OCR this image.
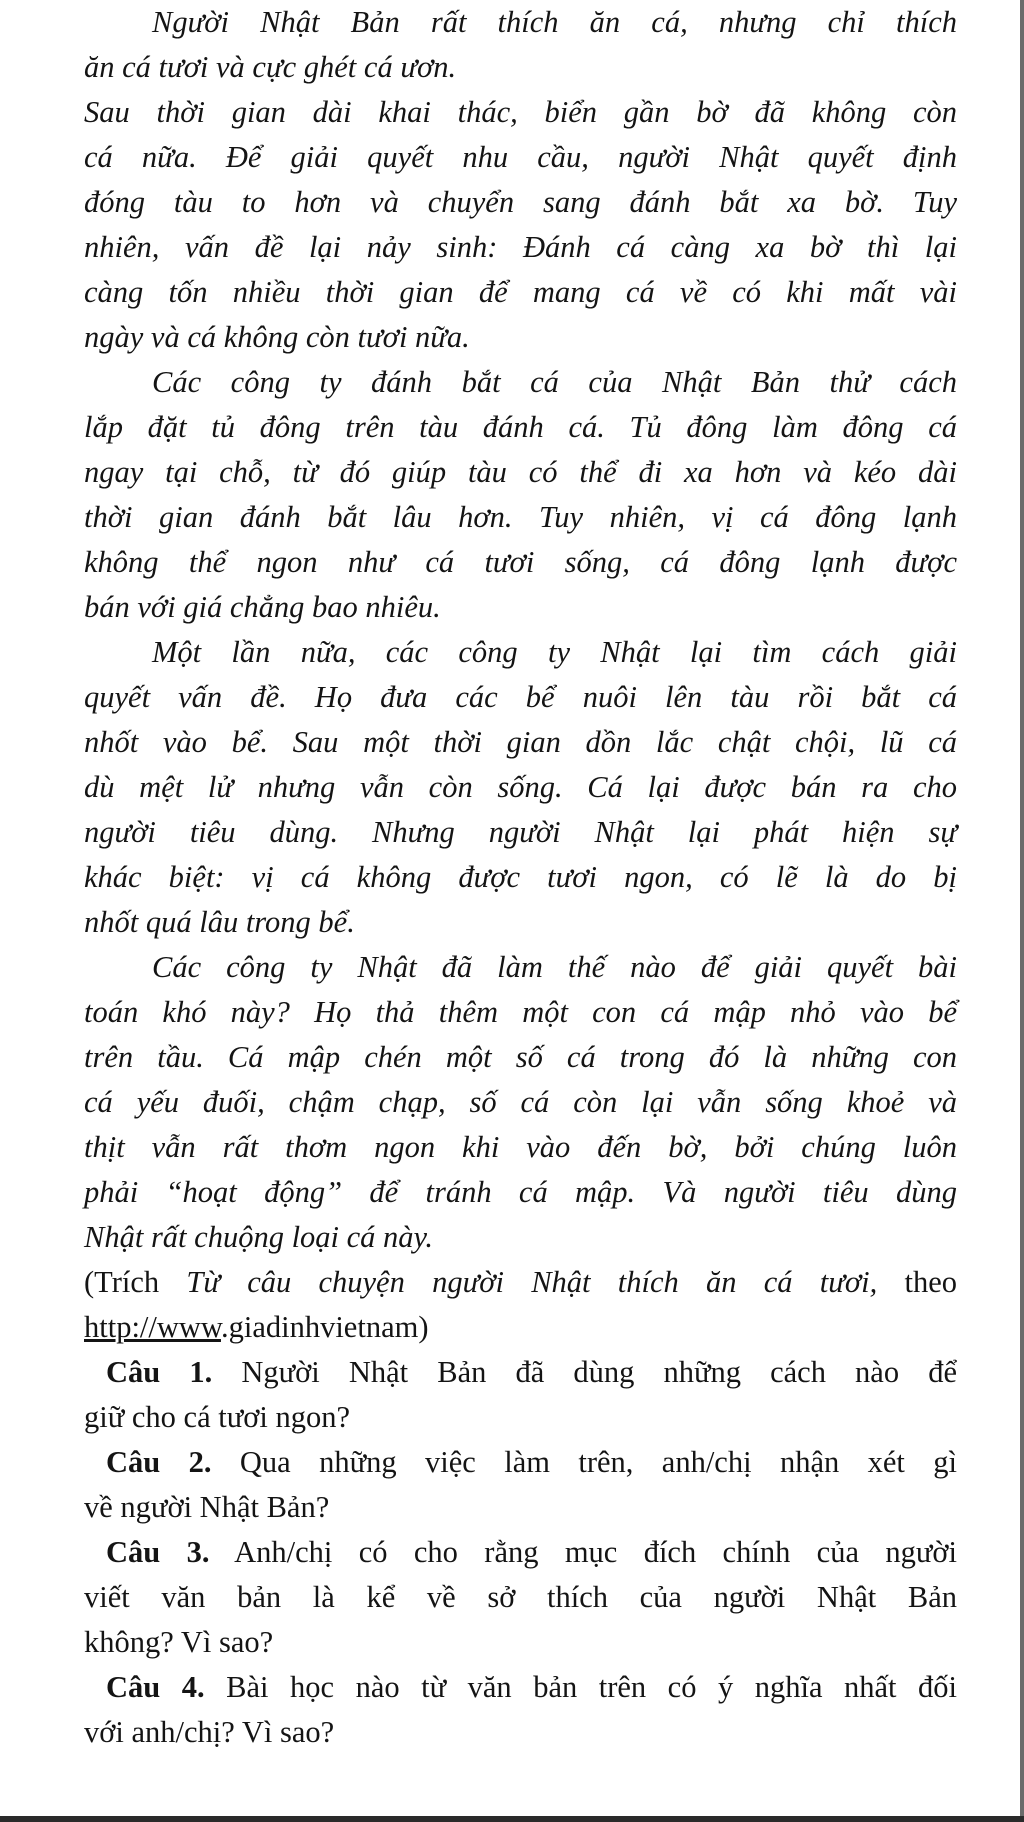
Người Nhật Bản rất thích ăn cá, nhưng chỉ thích
ăn cá tươi và cực ghét cá ươn.

Sau thời gian dài khai thác, biển gần bờ đã không còn
cá nữa. Để giải quyết nhu cầu, người Nhật quyết định
đóng tàu to hơn và chuyển sang đánh bắt xa bờ. Tuy
nhiên, vấn đề lại nảy sinh: Đánh cá càng xa bờ thì lại
càng tốn nhiều thời gian để mang cá về có khi mất vài
ngày và cá không còn tươi nữa.

Các công ty đánh bắt cá của Nhật Bản thử cách
lắp đặt tủ đông trên tàu đánh cá. Tủ đông làm đông cá
ngay tại chỗ, từ đó giúp tàu có thể đi xa hơn và kéo dài
thời gian đánh bắt lâu hơn. Tuy nhiên, vị cá đông lạnh
không thể ngon như cá tươi sống, cá đông lạnh được
bán với giá chẳng bao nhiêu.

Một lần nữa, các công ty Nhật lại tìm cách giải
quyết vấn đề. Họ đưa các bể nuôi lên tàu rồi bắt cá
nhốt vào bể. Sau một thời gian dồn lắc chật chội, lũ cá
dù mệt lử nhưng vẫn còn sống. Cá lại được bán ra cho
người tiêu dùng. Nhưng người Nhật lại phát hiện sự
khác biệt: vị cá không được tươi ngon, có lẽ là do bị
nhốt quá lâu trong bể.

Các công ty Nhật đã làm thế nào để giải quyết bài
toán khó này? Họ thả thêm một con cá mập nhỏ vào bể
trên tầu. Cá mập chén một số cá trong đó là những con
cá yếu đuối, chậm chạp, số cá còn lại vẫn sống khoẻ và
thịt vẫn rất thơm ngon khi vào đến bờ, bởi chúng luôn
phải “hoạt động” để tránh cá mập. Và người tiêu dùng
Nhật rất chuộng loại cá này.

(Trích Từ câu chuyện người Nhật thích ăn cá tươi, theo
http://www.giadinhvietnam)

Câu 1. Người Nhật Bản đã dùng những cách nào để
giữ cho cá tươi ngon?

Câu 2. Qua những việc làm trên, anh/chị nhận xét gì
về người Nhật Bản?

Câu 3. Anh/chị có cho rằng mục đích chính của người
viết văn bản là kể về sở thích của người Nhật Bản
không? Vì sao?

Câu 4. Bài học nào từ văn bản trên có ý nghĩa nhất đối
với anh/chị? Vì sao?
